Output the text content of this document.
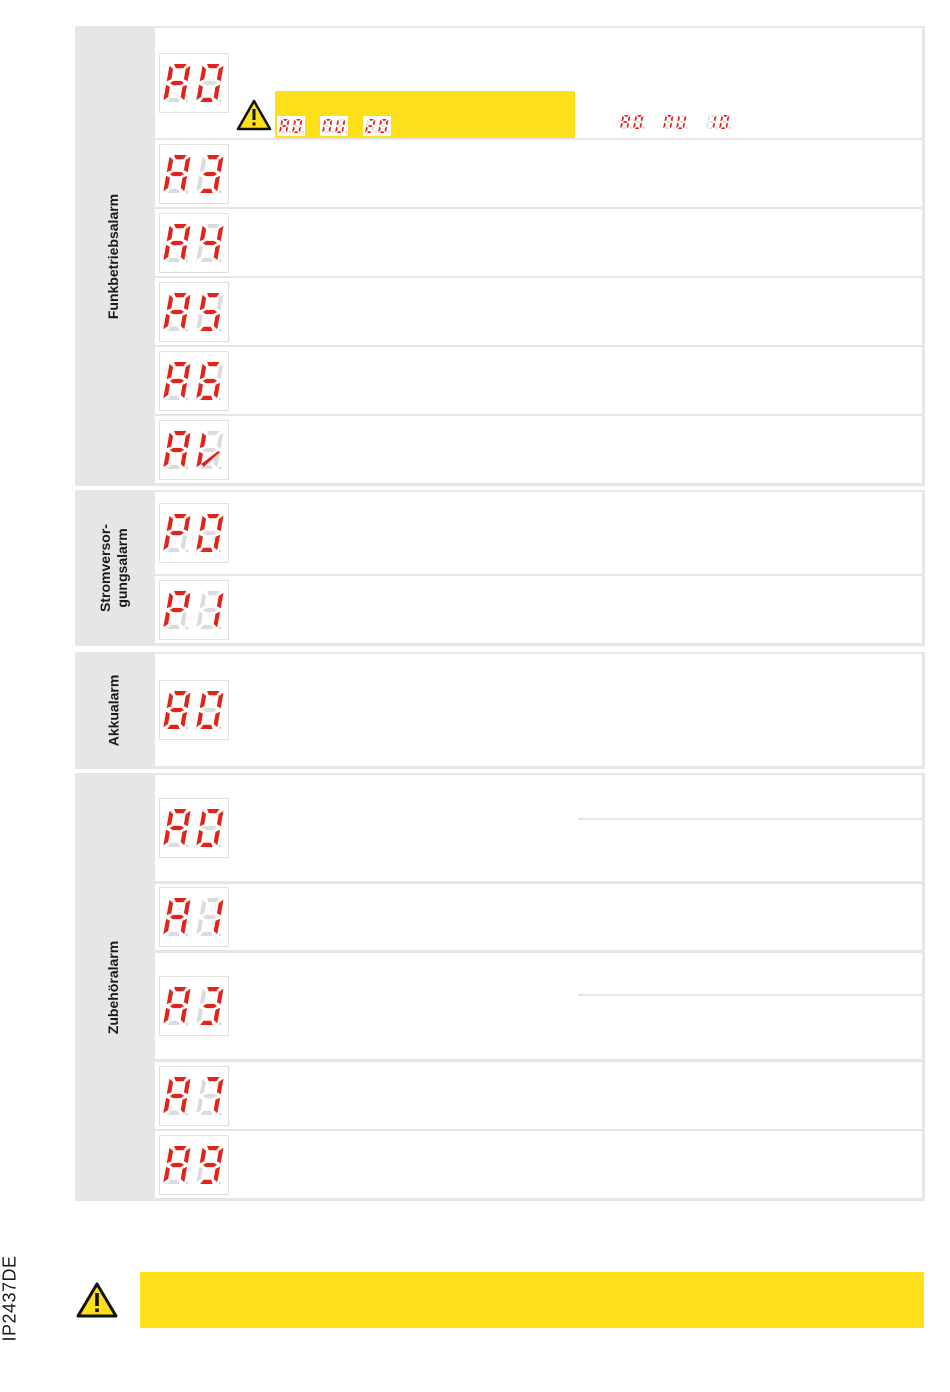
Funkbetriebsalarm
Stromversor-
gungsalarm
Akkualarm
Zubehöralarm
IP2437DE
